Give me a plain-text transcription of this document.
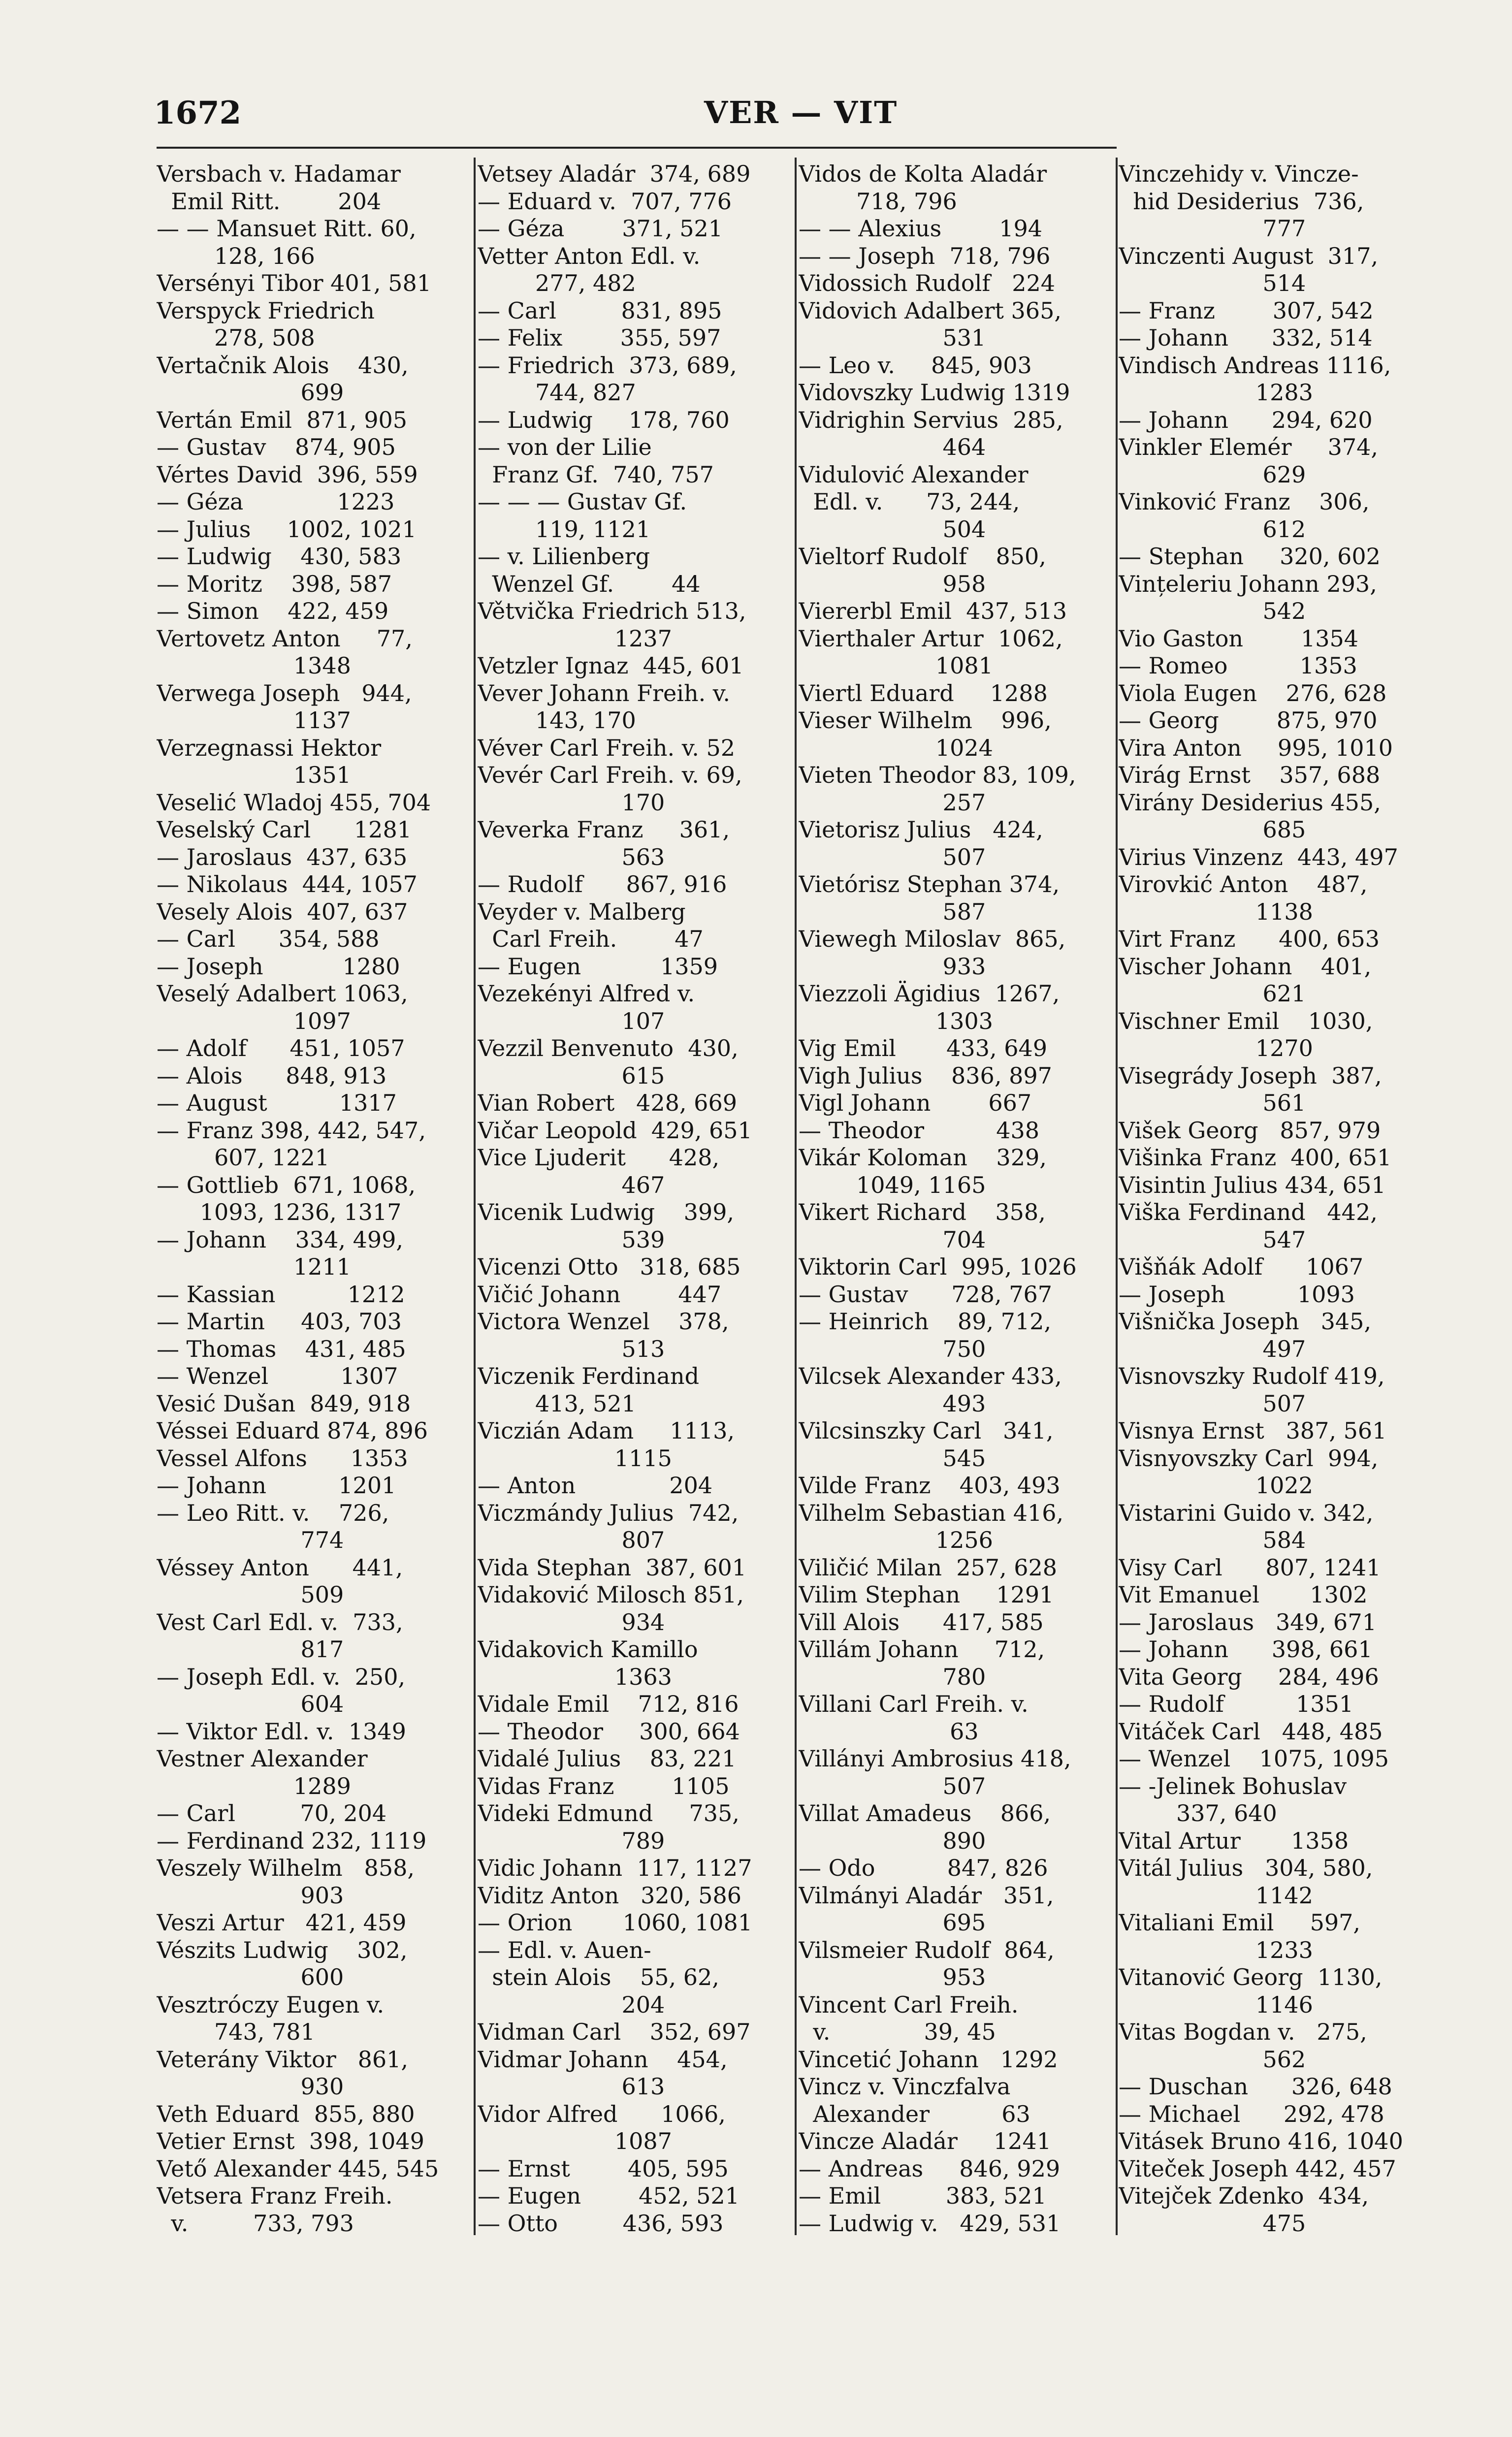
1672	VER — VIT
Versbach v. Hadamar
Emil Ritt.        204
— — Mansuet Ritt. 60,
128, 166
Versényi Tibor 401, 581
Verspyck Friedrich
278, 508
Vertačnik Alois    430,
699
Vertán Emil  871, 905
— Gustav    874, 905
Vértes David  396, 559
— Géza             1223
— Julius     1002, 1021
— Ludwig    430, 583
— Moritz    398, 587
— Simon    422, 459
Vertovetz Anton     77,
1348
Verwega Joseph   944,
1137
Verzegnassi Hektor
1351
Veselić Wladoj 455, 704
Veselský Carl      1281
— Jaroslaus  437, 635
— Nikolaus  444, 1057
Vesely Alois  407, 637
— Carl      354, 588
— Joseph           1280
Veselý Adalbert 1063,
1097
— Adolf      451, 1057
— Alois      848, 913
— August          1317
— Franz 398, 442, 547,
607, 1221
— Gottlieb  671, 1068,
1093, 1236, 1317
— Johann    334, 499,
1211
— Kassian          1212
— Martin     403, 703
— Thomas    431, 485
— Wenzel          1307
Vesić Dušan  849, 918
Véssei Eduard 874, 896
Vessel Alfons      1353
— Johann          1201
— Leo Ritt. v.    726,
774
Véssey Anton      441,
509
Vest Carl Edl. v.  733,
817
— Joseph Edl. v.  250,
604
— Viktor Edl. v.  1349
Vestner Alexander
1289
— Carl         70, 204
— Ferdinand 232, 1119
Veszely Wilhelm   858,
903
Veszi Artur   421, 459
Vészits Ludwig    302,
600
Vesztróczy Eugen v.
743, 781
Veterány Viktor   861,
930
Veth Eduard  855, 880
Vetier Ernst  398, 1049
Vető Alexander 445, 545
Vetsera Franz Freih.
v.         733, 793
Vetsey Aladár  374, 689
— Eduard v.  707, 776
— Géza        371, 521
Vetter Anton Edl. v.
277, 482
— Carl         831, 895
— Felix        355, 597
— Friedrich  373, 689,
744, 827
— Ludwig     178, 760
— von der Lilie
Franz Gf.  740, 757
— — — Gustav Gf.
119, 1121
— v. Lilienberg
Wenzel Gf.        44
Větvička Friedrich 513,
1237
Vetzler Ignaz  445, 601
Vever Johann Freih. v.
143, 170
Véver Carl Freih. v. 52
Vevér Carl Freih. v. 69,
170
Veverka Franz     361,
563
— Rudolf      867, 916
Veyder v. Malberg
Carl Freih.        47
— Eugen           1359
Vezekényi Alfred v.
107
Vezzil Benvenuto  430,
615
Vian Robert   428, 669
Vičar Leopold  429, 651
Vice Ljuderit      428,
467
Vicenik Ludwig    399,
539
Vicenzi Otto   318, 685
Vičić Johann        447
Victora Wenzel    378,
513
Viczenik Ferdinand
413, 521
Viczián Adam     1113,
1115
— Anton             204
Viczmándy Julius  742,
807
Vida Stephan  387, 601
Vidaković Milosch 851,
934
Vidakovich Kamillo
1363
Vidale Emil    712, 816
— Theodor     300, 664
Vidalé Julius    83, 221
Vidas Franz        1105
Videki Edmund     735,
789
Vidic Johann  117, 1127
Viditz Anton   320, 586
— Orion       1060, 1081
— Edl. v. Auen-
stein Alois    55, 62,
204
Vidman Carl    352, 697
Vidmar Johann    454,
613
Vidor Alfred      1066,
1087
— Ernst        405, 595
— Eugen        452, 521
— Otto         436, 593
Vidos de Kolta Aladár
718, 796
— — Alexius        194
— — Joseph  718, 796
Vidossich Rudolf   224
Vidovich Adalbert 365,
531
— Leo v.     845, 903
Vidovszky Ludwig 1319
Vidrighin Servius  285,
464
Vidulović Alexander
Edl. v.      73, 244,
504
Vieltorf Rudolf    850,
958
Viererbl Emil  437, 513
Vierthaler Artur  1062,
1081
Viertl Eduard     1288
Vieser Wilhelm    996,
1024
Vieten Theodor 83, 109,
257
Vietorisz Julius   424,
507
Vietórisz Stephan 374,
587
Viewegh Miloslav  865,
933
Viezzoli Ägidius  1267,
1303
Vig Emil       433, 649
Vigh Julius    836, 897
Vigl Johann        667
— Theodor          438
Vikár Koloman    329,
1049, 1165
Vikert Richard    358,
704
Viktorin Carl  995, 1026
— Gustav      728, 767
— Heinrich    89, 712,
750
Vilcsek Alexander 433,
493
Vilcsinszky Carl   341,
545
Vilde Franz    403, 493
Vilhelm Sebastian 416,
1256
Viličić Milan  257, 628
Vilim Stephan     1291
Vill Alois      417, 585
Villám Johann     712,
780
Villani Carl Freih. v.
63
Villányi Ambrosius 418,
507
Villat Amadeus    866,
890
— Odo          847, 826
Vilmányi Aladár   351,
695
Vilsmeier Rudolf  864,
953
Vincent Carl Freih.
v.             39, 45
Vincetić Johann   1292
Vincz v. Vinczfalva
Alexander          63
Vincze Aladár     1241
— Andreas     846, 929
— Emil         383, 521
— Ludwig v.   429, 531
Vinczehidy v. Vincze-
hid Desiderius  736,
777
Vinczenti August  317,
514
— Franz        307, 542
— Johann      332, 514
Vindisch Andreas 1116,
1283
— Johann      294, 620
Vinkler Elemér     374,
629
Vinković Franz    306,
612
— Stephan     320, 602
Vințeleriu Johann 293,
542
Vio Gaston        1354
— Romeo          1353
Viola Eugen    276, 628
— Georg        875, 970
Vira Anton     995, 1010
Virág Ernst    357, 688
Virány Desiderius 455,
685
Virius Vinzenz  443, 497
Virovkić Anton    487,
1138
Virt Franz      400, 653
Vischer Johann    401,
621
Vischner Emil    1030,
1270
Visegrády Joseph  387,
561
Višek Georg   857, 979
Višinka Franz  400, 651
Visintin Julius 434, 651
Viška Ferdinand   442,
547
Višňák Adolf      1067
— Joseph          1093
Višnička Joseph   345,
497
Visnovszky Rudolf 419,
507
Visnya Ernst   387, 561
Visnyovszky Carl  994,
1022
Vistarini Guido v. 342,
584
Visy Carl      807, 1241
Vit Emanuel       1302
— Jaroslaus   349, 671
— Johann      398, 661
Vita Georg     284, 496
— Rudolf          1351
Vitáček Carl   448, 485
— Wenzel    1075, 1095
— -Jelinek Bohuslav
337, 640
Vital Artur       1358
Vitál Julius   304, 580,
1142
Vitaliani Emil     597,
1233
Vitanović Georg  1130,
1146
Vitas Bogdan v.   275,
562
— Duschan      326, 648
— Michael      292, 478
Vitásek Bruno 416, 1040
Viteček Joseph 442, 457
Vitejček Zdenko  434,
475
